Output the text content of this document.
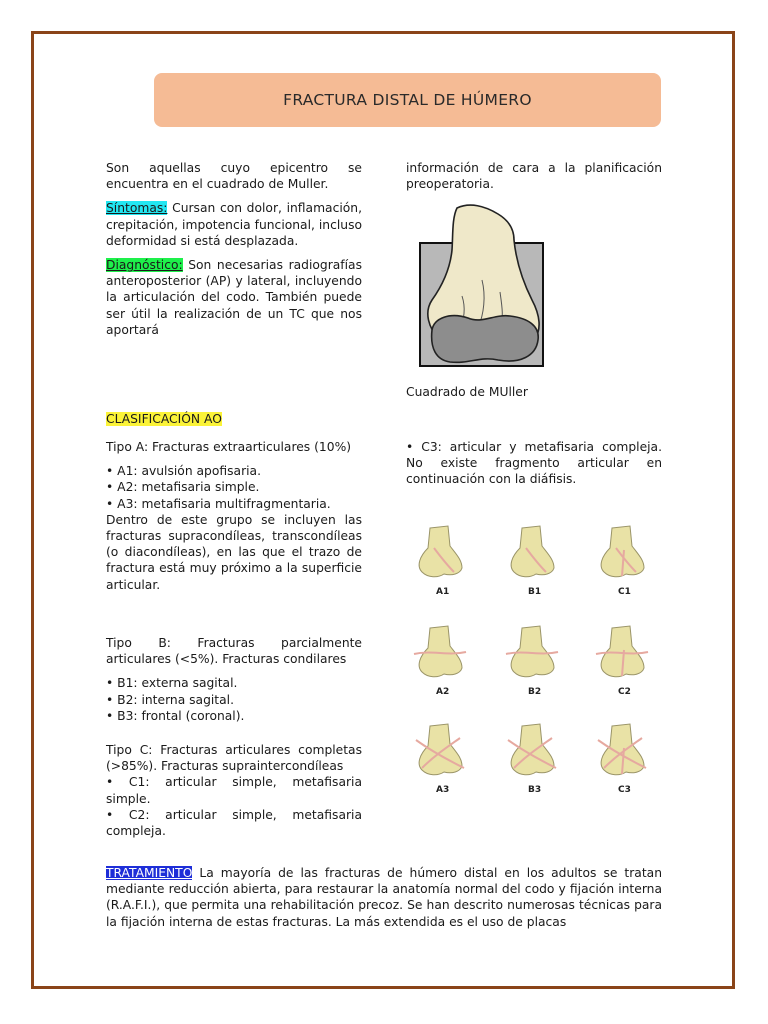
FRACTURA DISTAL DE HÚMERO

Son aquellas cuyo epicentro se encuentra en el cuadrado de Muller.

Síntomas: Cursan con dolor, inflamación, crepitación, impotencia funcional, incluso deformidad si está desplazada.

Diagnóstico: Son necesarias radiografías anteroposterior (AP) y lateral, incluyendo la articulación del codo. También puede ser útil la realización de un TC que nos aportará

información de cara a la planificación preoperatoria.
Cuadrado de MUller
CLASIFICACIÓN AO

Tipo A: Fracturas extraarticulares (10%)

• A1: avulsión apofisaria.
• A2: metafisaria simple.
• A3: metafisaria multifragmentaria.

Dentro de este grupo se incluyen las fracturas supracondíleas, transcondíleas (o diacondíleas), en las que el trazo de fractura está muy próximo a la superficie articular.

Tipo B: Fracturas parcialmente articulares (<5%). Fracturas condilares

• B1: externa sagital.
• B2: interna sagital.
• B3: frontal (coronal).
Tipo C: Fracturas articulares completas (>85%). Fracturas supraintercondíleas
• C1: articular simple, metafisaria simple.
• C2: articular simple, metafisaria compleja.
• C3: articular y metafisaria compleja. No existe fragmento articular en continuación con la diáfisis.
A1	B1	C1
A2	B2	C2
A3	B3	C3
TRATAMIENTO La mayoría de las fracturas de húmero distal en los adultos se tratan mediante reducción abierta, para restaurar la anatomía normal del codo y fijación interna (R.A.F.I.), que permita una rehabilitación precoz. Se han descrito numerosas técnicas para la fijación interna de estas fracturas. La más extendida es el uso de placas
